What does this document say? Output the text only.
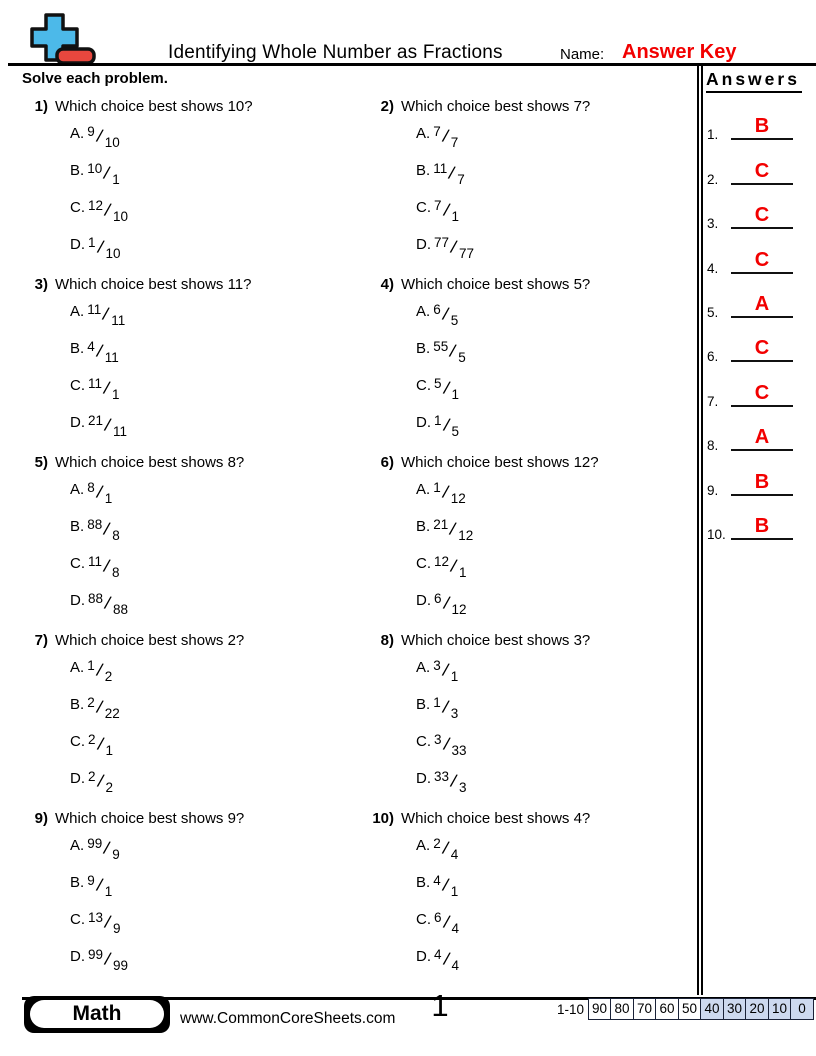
Identifying Whole Number as Fractions	Name: Answer Key
Solve each problem.
1) Which choice best shows 10?
A. $9/_{10}$
B. $10/_1$
C. $12/_{10}$
D. $1/_{10}$
2) Which choice best shows 7?
A. $7/_7$
B. $11/_7$
C. $7/_1$
D. $77/_{77}$
3) Which choice best shows 11?
A. $11/_{11}$
B. $4/_{11}$
C. $11/_1$
D. $21/_{11}$
4) Which choice best shows 5?
A. $6/_5$
B. $55/_5$
C. $5/_1$
D. $1/_5$
5) Which choice best shows 8?
A. $8/_1$
B. $88/_8$
C. $11/_8$
D. $88/_{88}$
6) Which choice best shows 12?
A. $1/_{12}$
B. $21/_{12}$
C. $12/_1$
D. $6/_{12}$
7) Which choice best shows 2?
A. $1/_2$
B. $2/_{22}$
C. $2/_1$
D. $2/_2$
8) Which choice best shows 3?
A. $3/_1$
B. $1/_3$
C. $3/_{33}$
D. $33/_3$
9) Which choice best shows 9?
A. $99/_9$
B. $9/_1$
C. $13/_9$
D. $99/_{99}$
10) Which choice best shows 4?
A. $2/_4$
B. $4/_1$
C. $6/_4$
D. $4/_4$
Answers
1.	B
2.	C
3.	C
4.	C
5.	A
6.	C
7.	C
8.	A
9.	B
10.	B
Math	www.CommonCoreSheets.com	1	1-10 90 80 70 60 50 40 30 20 10 0
